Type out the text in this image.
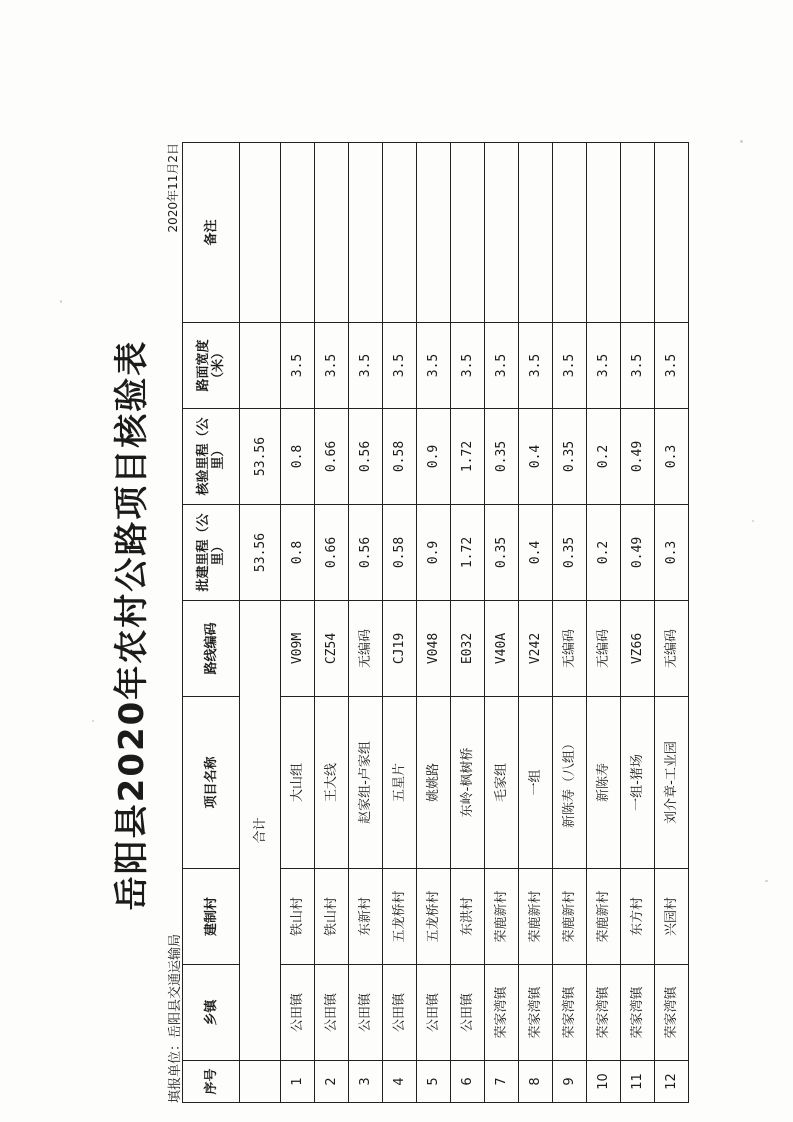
岳阳县2020年农村公路项目核验表
填报单位：岳阳县交通运输局
2020年11月2日
序号	乡镇	建制村	项目名称	路线编码	批建里程（公里）	核验里程（公里）	路面宽度（米）	备注
	合计				53.56	53.56		
1	公田镇	铁山村	大山组	V09M	0.8	0.8	3.5	
2	公田镇	铁山村	王大线	CZ54	0.66	0.66	3.5	
3	公田镇	东新村	赵家组-卢家组	无编码	0.56	0.56	3.5	
4	公田镇	五龙桥村	五星片	CJ19	0.58	0.58	3.5	
5	公田镇	五龙桥村	姚姚路	V048	0.9	0.9	3.5	
6	公田镇	东洪村	东岭-枫树桥	E032	1.72	1.72	3.5	
7	荣家湾镇	荣鹿新村	毛家组	V40A	0.35	0.35	3.5	
8	荣家湾镇	荣鹿新村	一组	V242	0.4	0.4	3.5	
9	荣家湾镇	荣鹿新村	新陈寿（八组）	无编码	0.35	0.35	3.5	
10	荣家湾镇	荣鹿新村	新陈寿	无编码	0.2	0.2	3.5	
11	荣家湾镇	东方村	一组-猪场	VZ66	0.49	0.49	3.5	
12	荣家湾镇	兴园村	刘介章-工业园	无编码	0.3	0.3	3.5	
